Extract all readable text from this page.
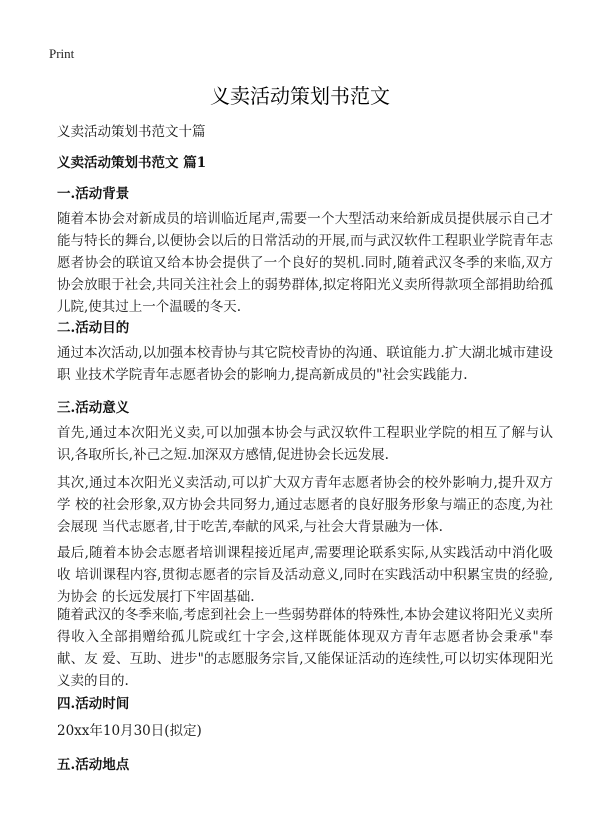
Print
义卖活动策划书范文

义卖活动策划书范文十篇

义卖活动策划书范文 篇1

一.活动背景

随着本协会对新成员的培训临近尾声,需要一个大型活动来给新成员提供展示自己才能与特长的舞台,以便协会以后的日常活动的开展,而与武汉软件工程职业学院青年志愿者协会的联谊又给本协会提供了一个良好的契机.同时,随着武汉冬季的来临,双方协会放眼于社会,共同关注社会上的弱势群体,拟定将阳光义卖所得款项全部捐助给孤儿院,使其过上一个温暖的冬天.

二.活动目的

通过本次活动,以加强本校青协与其它院校青协的沟通、联谊能力.扩大湖北城市建设职 业技术学院青年志愿者协会的影响力,提高新成员的"社会实践能力.

三.活动意义

首先,通过本次阳光义卖,可以加强本协会与武汉软件工程职业学院的相互了解与认识,各取所长,补己之短.加深双方感情,促进协会长远发展.

其次,通过本次阳光义卖活动,可以扩大双方青年志愿者协会的校外影响力,提升双方学 校的社会形象,双方协会共同努力,通过志愿者的良好服务形象与端正的态度,为社会展现 当代志愿者,甘于吃苦,奉献的风采,与社会大背景融为一体.

最后,随着本协会志愿者培训课程接近尾声,需要理论联系实际,从实践活动中消化吸收 培训课程内容,贯彻志愿者的宗旨及活动意义,同时在实践活动中积累宝贵的经验,为协会 的长远发展打下牢固基础.

随着武汉的冬季来临,考虑到社会上一些弱势群体的特殊性,本协会建议将阳光义卖所 得收入全部捐赠给孤儿院或红十字会,这样既能体现双方青年志愿者协会秉承"奉献、友 爱、互助、进步"的志愿服务宗旨,又能保证活动的连续性,可以切实体现阳光义卖的目的.

四.活动时间

20xx年10月30日(拟定)

五.活动地点
